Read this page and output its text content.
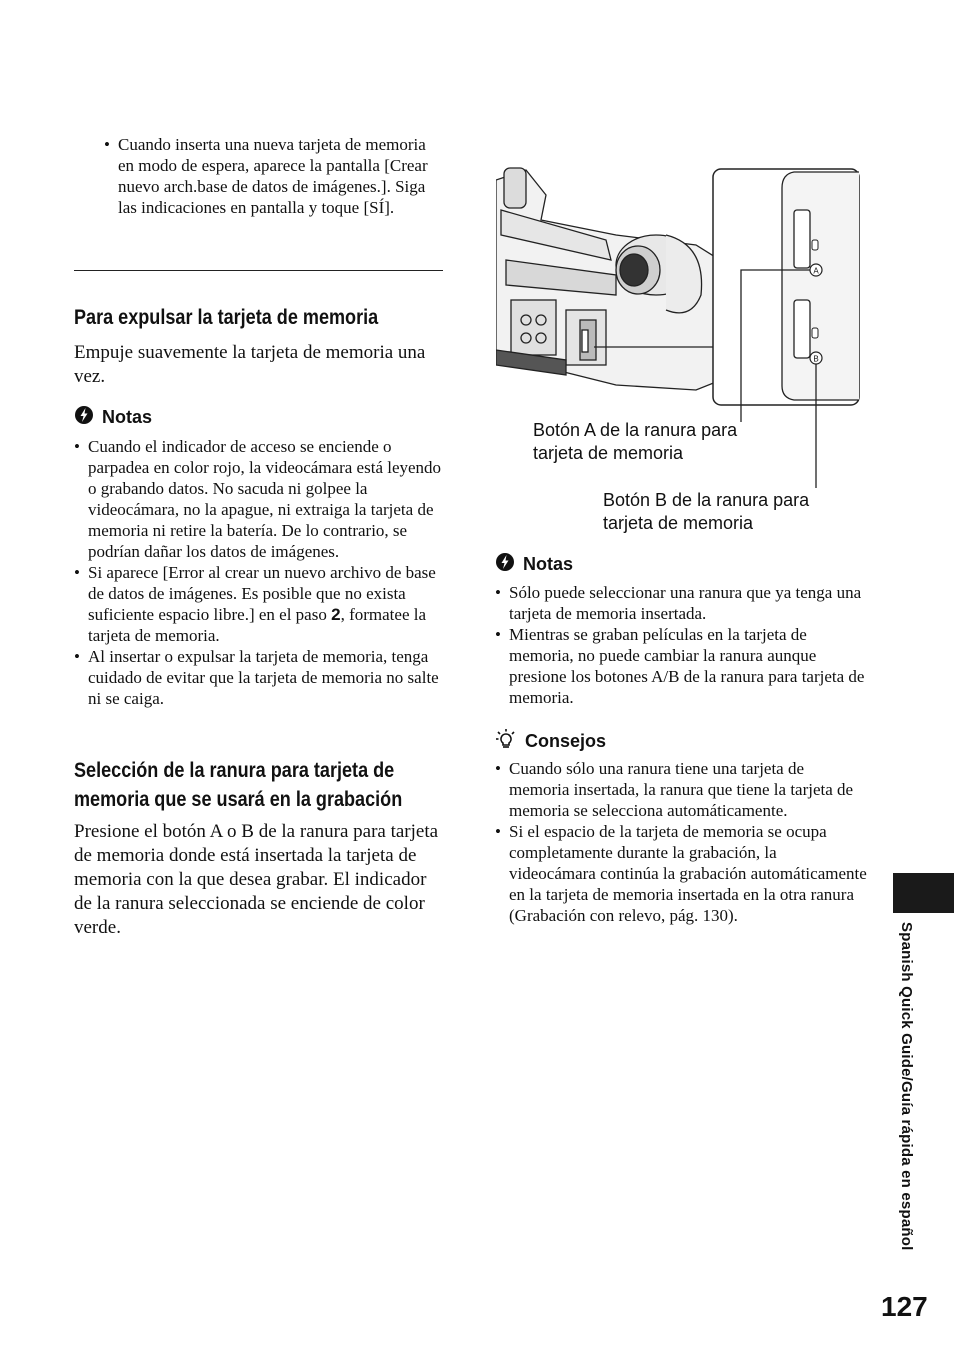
• Cuando inserta una nueva tarjeta de memoria en modo de espera, aparece la pantalla [Crear nuevo arch.base de datos de imágenes.]. Siga las indicaciones en pantalla y toque [SÍ].
Para expulsar la tarjeta de memoria
Empuje suavemente la tarjeta de memoria una vez.
Notas
• Cuando el indicador de acceso se enciende o parpadea en color rojo, la videocámara está leyendo o grabando datos. No sacuda ni golpee la videocámara, no la apague, ni extraiga la tarjeta de memoria ni retire la batería. De lo contrario, se podrían dañar los datos de imágenes.
• Si aparece [Error al crear un nuevo archivo de base de datos de imágenes. Es posible que no exista suficiente espacio libre.] en el paso 2, formatee la tarjeta de memoria.
• Al insertar o expulsar la tarjeta de memoria, tenga cuidado de evitar que la tarjeta de memoria no salte ni se caiga.
Selección de la ranura para tarjeta de
memoria que se usará en la grabación
Presione el botón A o B de la ranura para tarjeta de memoria donde está insertada la tarjeta de memoria con la que desea grabar. El indicador de la ranura seleccionada se enciende de color verde.
A
B
Botón A de la ranura para
tarjeta de memoria
Botón B de la ranura para
tarjeta de memoria
Notas
• Sólo puede seleccionar una ranura que ya tenga una tarjeta de memoria insertada.
• Mientras se graban películas en la tarjeta de memoria, no puede cambiar la ranura aunque presione los botones A/B de la ranura para tarjeta de memoria.
Consejos
• Cuando sólo una ranura tiene una tarjeta de memoria insertada, la ranura que tiene la tarjeta de memoria se selecciona automáticamente.
• Si el espacio de la tarjeta de memoria se ocupa completamente durante la grabación, la videocámara continúa la grabación automáticamente en la tarjeta de memoria insertada en la otra ranura (Grabación con relevo, pág. 130).
Spanish Quick Guide/Guía rápida en español
127
